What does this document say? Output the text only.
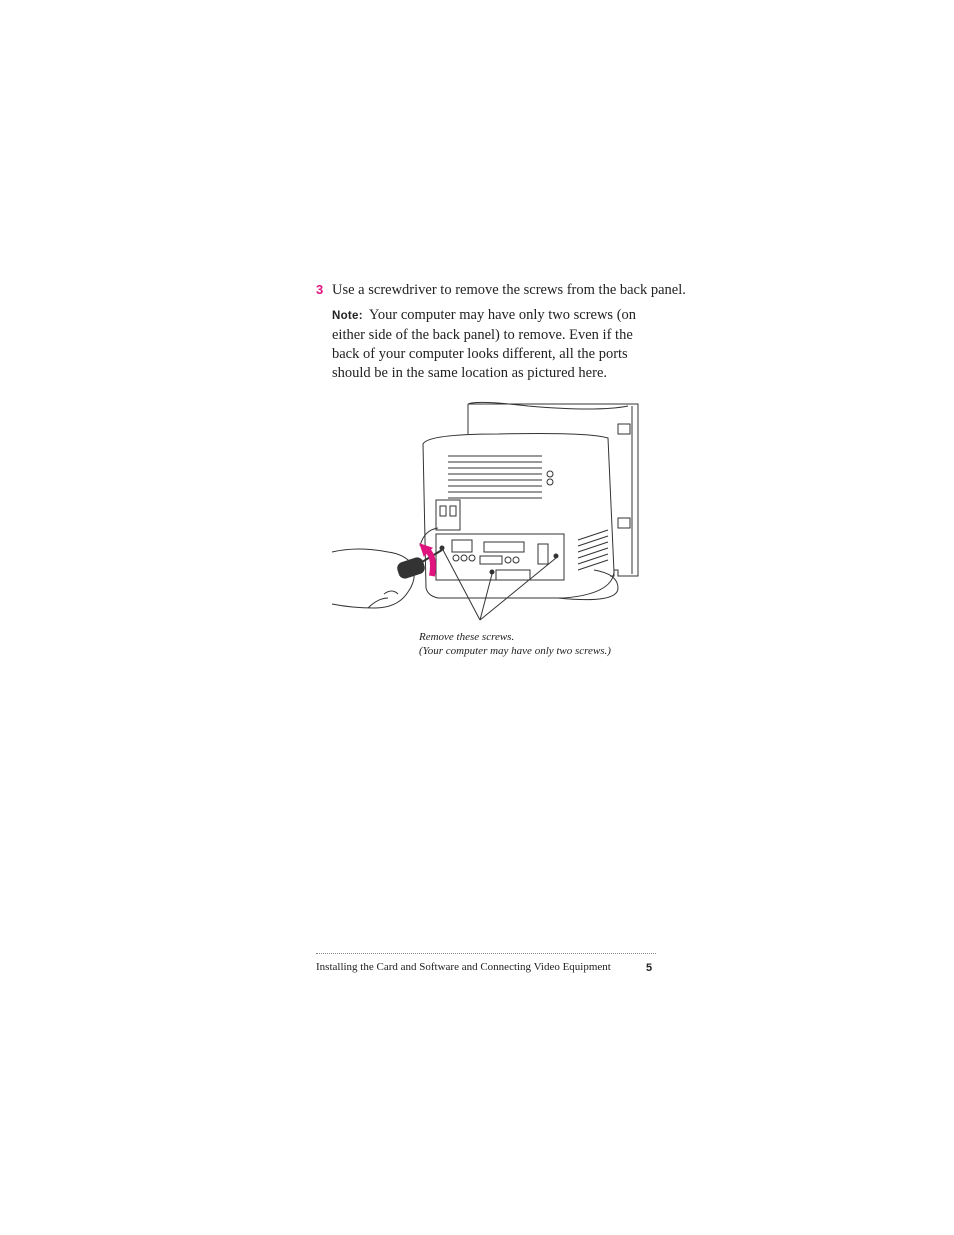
3 Use a screwdriver to remove the screws from the back panel.
Note: Your computer may have only two screws (on either side of the back panel) to remove. Even if the back of your computer looks different, all the ports should be in the same location as pictured here.
Remove these screws.
(Your computer may have only two screws.)
Installing the Card and Software and Connecting Video Equipment	5
